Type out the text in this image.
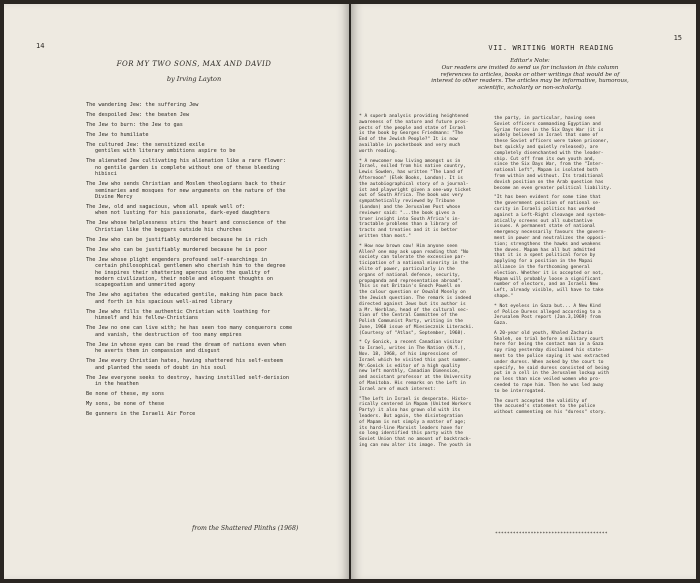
14
FOR MY TWO SONS, MAX AND DAVID
by Irving Layton
The wandering Jew: the suffering Jew
The despoiled Jew: the beaten Jew
The Jew to burn: the Jew to gas
The Jew to humiliate
The cultured Jew: the sensitized exile
gentiles with literary ambitions aspire to be
The alienated Jew cultivating his alienation like a rare flower:
no gentile garden is complete without one of these bleeding
hibisci
The Jew who sends Christian and Moslem theologians back to their
seminaries and mosques for new arguments on the nature of the
Divine Mercy
The Jew, old and sagacious, whom all speak well of:
when not lusting for his passionate, dark-eyed daughters
The Jew whose helplessness stirs the heart and conscience of the
Christian like the beggars outside his churches
The Jew who can be justifiably murdered because he is rich
The Jew who can be justifiably murdered because he is poor
The Jew whose plight engenders profound self-searchings in
certain philosophical gentlemen who cherish him to the degree
he inspires their shattering apercus into the quality of
modern civilization, their noble and eloquent thoughts on
scapegoatism and unmerited agony
The Jew who agitates the educated gentile, making him pace back
and forth in his spacious well-aired library
The Jew who fills the authentic Christian with loathing for
himself and his fellow-Christians
The Jew no one can live with; he has seen too many conquerors come
and vanish, the destruction of too many empires
The Jew in whose eyes can be read the dream of nations even when
he averts them in compassion and disgust
The Jew every Christian hates, having shattered his self-esteem
and planted the seeds of doubt in his soul
The Jew everyone seeks to destroy, having instilled self-derision
in the heathen
Be none of these, my sons
My sons, be none of these
Be gunners in the Israeli Air Force
from the Shattered Plinths (1968)
15
VII. WRITING WORTH READING
Editor's Note:
Our readers are invited to send us for inclusion in this column
references to articles, books or other writings that would be of
interest to other readers. The articles may be informative, humorous,
scientific, scholarly or non-scholarly.

* A superb analysis providing heightened
awareness of the nature and future pros-
pects of the people and state of Israel
is the book by Georges Friedmann: "The
End of the Jewish People?" It is now
available in pocketbook and very much
worth reading.

* A newcomer now living amongst us in
Israel, exiled from his native country,
Lewis Sowden, has written "The Land of
Afternoon" (Elek Books, London). It is
the autobiographical story of a journal-
ist and playwright given a one-way ticket
out of South Africa. The book was very
sympathetically reviewed by Tribune
(London) and the Jerusalem Post whose
reviewer said: "...the book gives a
truer insight into South Africa's in-
tractable problems than a library of
tracts and treaties and it is better
written than most."

* How now brown cow! Him anyone seen
Allen? one may ask upon reading that "No
society can tolerate the excessive par-
ticipation of a national minority in the
elite of power, particularly in the
organs of national defence, security,
propaganda and representation abroad".
This is not Britain's Enoch Powell on
the colour question or Oswald Mosely on
the Jewish question. The remark is indeed
directed against Jews but its author is
a Mr. Werblan, head of the cultural sec-
tion of the Central Committee of the
Polish Communist Party, writing in the
June, 1968 issue of Miesiecznik Literacki.
(Courtesy of "Atlas", September, 1968).

* Cy Gonick, a recent Canadian visitor
to Israel, writes in The Nation (N.Y.),
Nov. 18, 1968, of his impressions of
Israel which he visited this past summer.
Mr.Gonick is editor of a high quality
new left monthly, Canadian Dimension,
and assistant professor at the University
of Manitoba. His remarks on the Left in
Israel are of much interest:

"The Left in Israel is desperate. Histo-
rically centered in Mapam (United Workers
Party) it also has grown old with its
leaders. But again, the disintegration
of Mapam is not simply a matter of age;
its hard-line Marxist leaders have for
so long identified this party with the
Soviet Union that no amount of backtrack-
ing can now alter its image. The youth in

the party, in particular, having seen
Soviet officers commanding Egyptian and
Syrian forces in the Six Days War (it is
widely believed in Israel that some of
these Soviet officers were taken prisoner,
but quickly and quietly released), are
completely disenchanted with the leader-
ship. Cut off from its own youth and,
since the Six Days War, from the "Inter-
national Left", Mapam is isolated both
from within and without. Its traditional
dovish position on the Arab question has
become an even greater political liability.

"It has been evident for some time that
the government position of national se-
curity in Israeli politics has worked
against a Left-Right cleavage and system-
atically screens out all substantive
issues. A permanent state of national
emergency necessarily favours the govern-
ment in power and neutralizes the opposi-
tion; strengthens the hawks and weakens
the doves. Mapam has all but admitted
that it is a spent political force by
applying for a position in the Mapai
alliance in the forthcoming general
election. Whether it is accepted or not,
Mapam will probably loose a significant
number of electors, and an Israeli New
Left, already visible, will have to take
shape."

* Not eyeless in Gaza but... A New Kind
of Police Duress alleged according to a
Jerusalem Post report (Jan.3,1969) from
Gaza.

A 20-year old youth, Khaled Zacharia
Shaleh, on trial before a military court
here for being the contact man in a Gaza
spy ring yesterday disclaimed his state-
ment to the police saying it was extracted
under duress. When asked by the court to
specify, he said duress consisted of being
put in a cell in the Jerusalem lockup with
no less than nice veiled women who pro-
ceeded to rape him. Then he was led away
to be interrogated.

The court accepted the validity of
the accused's statement to the police
without commenting on his "duress" story.

**************************************
